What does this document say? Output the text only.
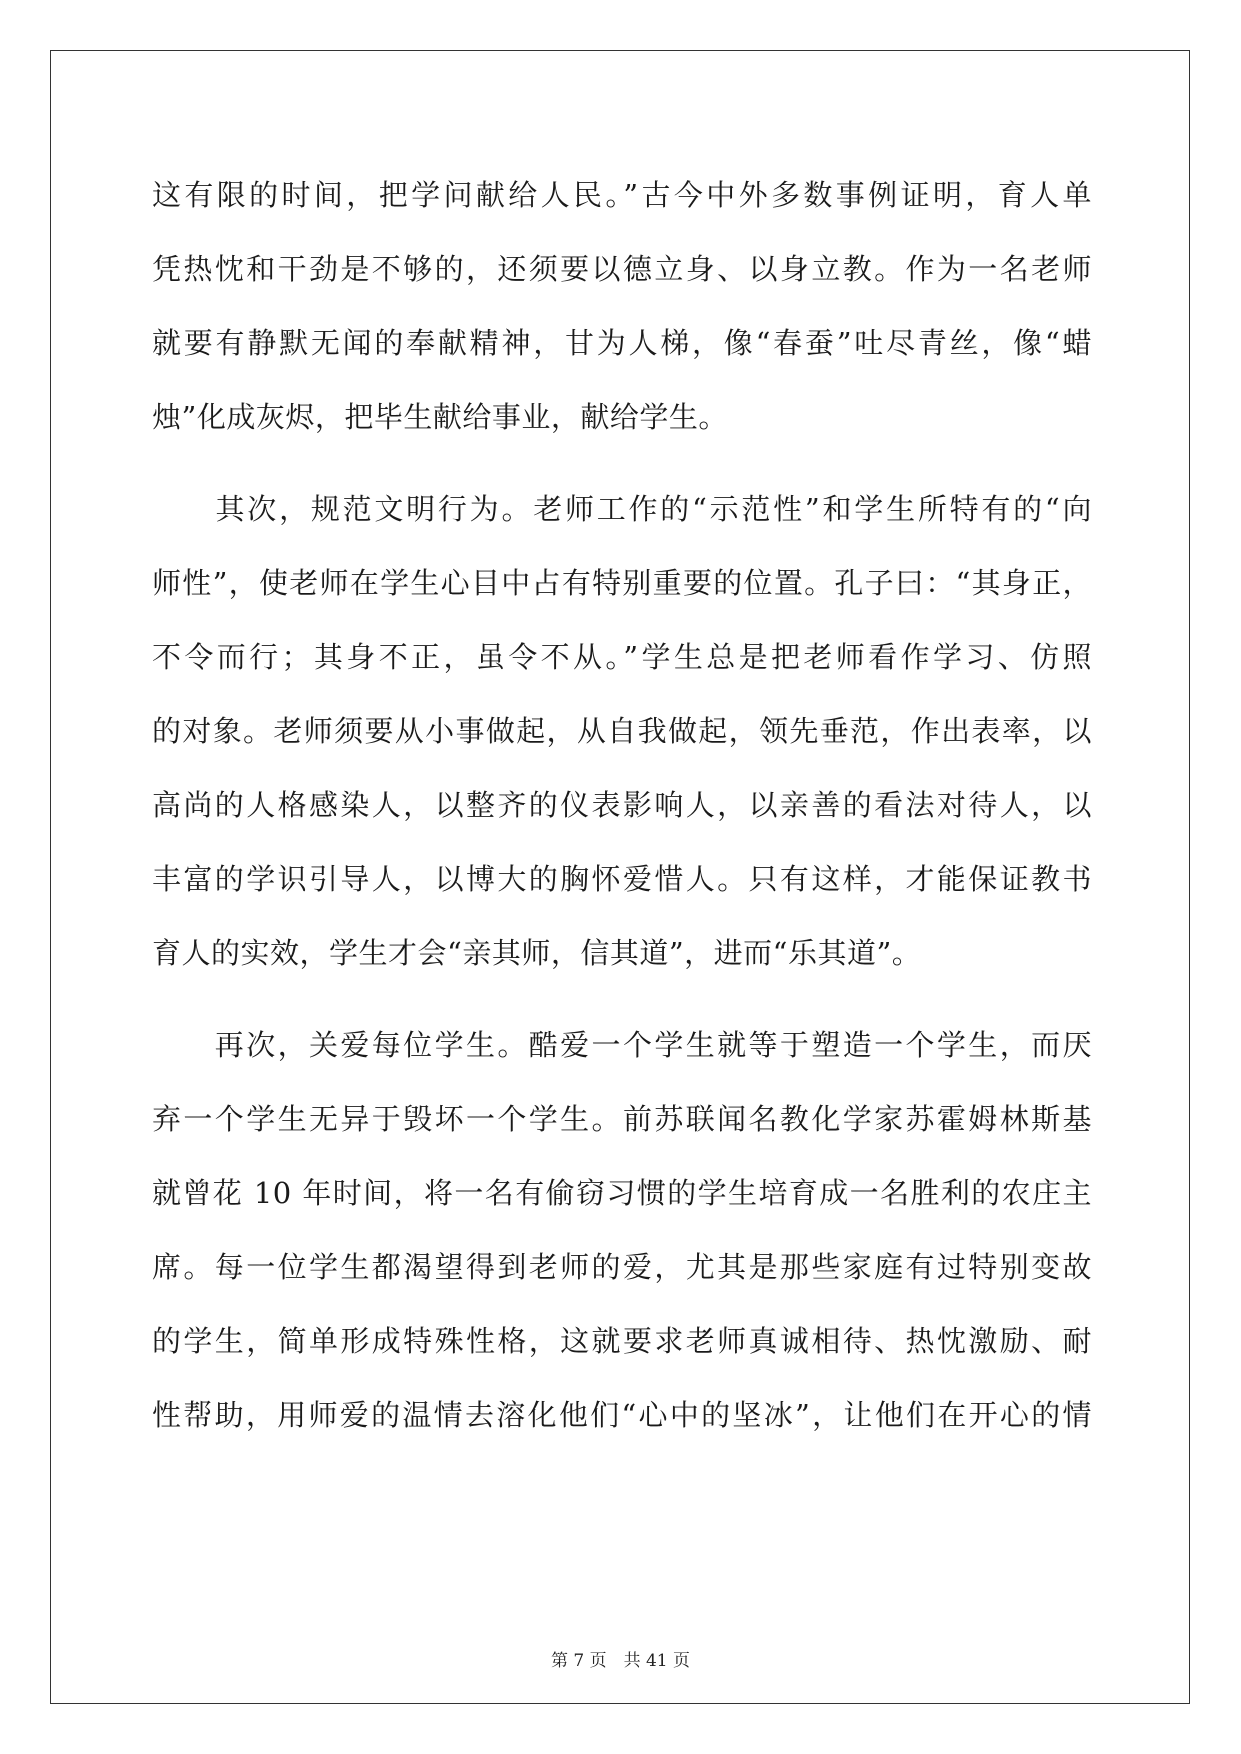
这有限的时间，把学问献给人民。”古今中外多数事例证明，育人单
凭热忱和干劲是不够的，还须要以德立身、以身立教。作为一名老师
就要有静默无闻的奉献精神，甘为人梯，像“春蚕”吐尽青丝，像“蜡
烛”化成灰烬，把毕生献给事业，献给学生。
　　其次，规范文明行为。老师工作的“示范性”和学生所特有的“向
师性”，使老师在学生心目中占有特别重要的位置。孔子曰：“其身正，
不令而行；其身不正，虽令不从。”学生总是把老师看作学习、仿照
的对象。老师须要从小事做起，从自我做起，领先垂范，作出表率，以
高尚的人格感染人，以整齐的仪表影响人，以亲善的看法对待人，以
丰富的学识引导人，以博大的胸怀爱惜人。只有这样，才能保证教书
育人的实效，学生才会“亲其师，信其道”，进而“乐其道”。
　　再次，关爱每位学生。酷爱一个学生就等于塑造一个学生，而厌
弃一个学生无异于毁坏一个学生。前苏联闻名教化学家苏霍姆林斯基
就曾花 10 年时间，将一名有偷窃习惯的学生培育成一名胜利的农庄主
席。每一位学生都渴望得到老师的爱，尤其是那些家庭有过特别变故
的学生，简单形成特殊性格，这就要求老师真诚相待、热忱激励、耐
性帮助，用师爱的温情去溶化他们“心中的坚冰”，让他们在开心的情
第 7 页　共 41 页
